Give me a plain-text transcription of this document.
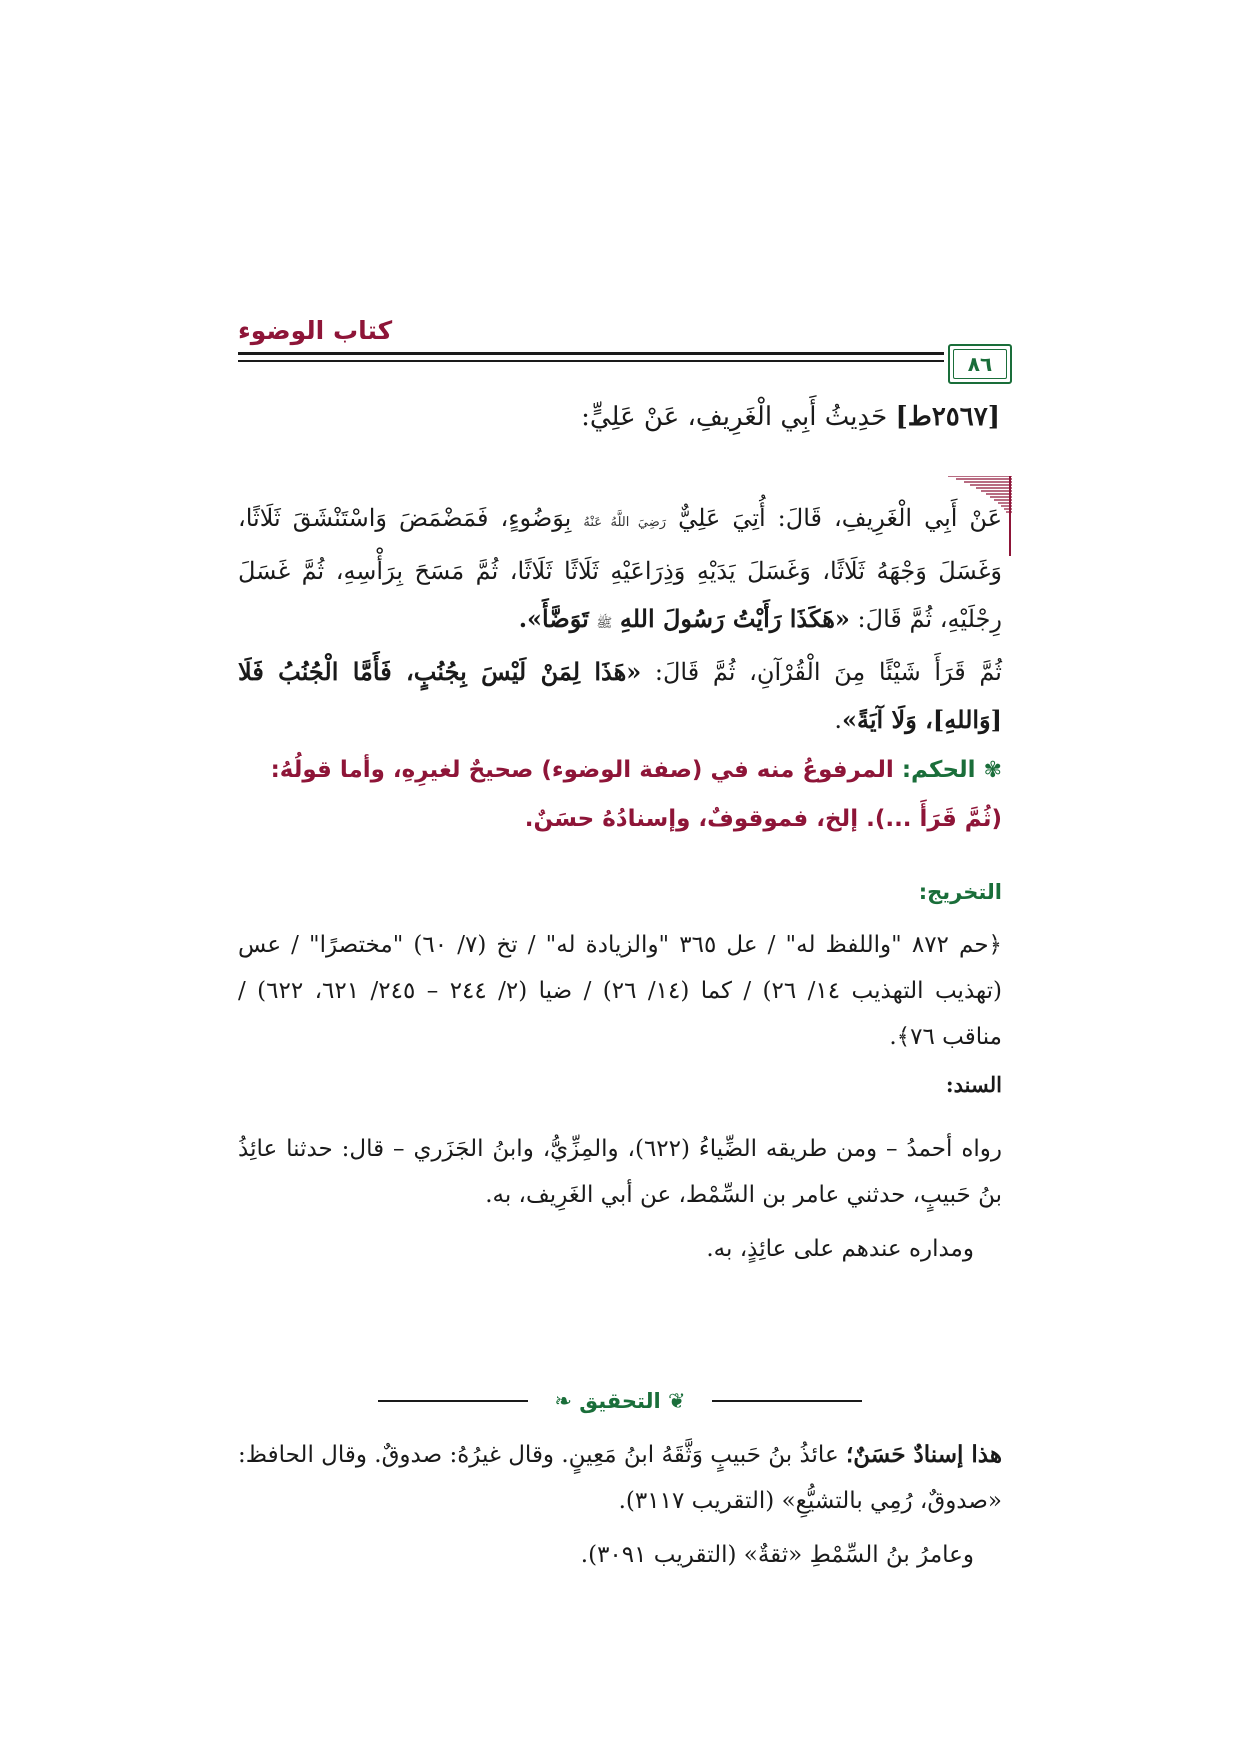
كتاب الوضوء
٨٦
[٢٥٦٧ط] حَدِيثُ أَبِي الْغَرِيفِ، عَنْ عَلِيٍّ:

عَنْ أَبِي الْغَرِيفِ، قَالَ: أُتِيَ عَلِيٌّ رَضِيَ اللَّهُ عَنْهُ بِوَضُوءٍ، فَمَضْمَضَ وَاسْتَنْشَقَ ثَلَاثًا، وَغَسَلَ وَجْهَهُ ثَلَاثًا، وَغَسَلَ يَدَيْهِ وَذِرَاعَيْهِ ثَلَاثًا ثَلَاثًا، ثُمَّ مَسَحَ بِرَأْسِهِ، ثُمَّ غَسَلَ رِجْلَيْهِ، ثُمَّ قَالَ: «هَكَذَا رَأَيْتُ رَسُولَ اللهِ ﷺ تَوَضَّأَ».

ثُمَّ قَرَأَ شَيْئًا مِنَ الْقُرْآنِ، ثُمَّ قَالَ: «هَذَا لِمَنْ لَيْسَ بِجُنُبٍ، فَأَمَّا الْجُنُبُ فَلَا [وَاللهِ]، وَلَا آيَةً».

✾ الحكم: المرفوعُ منه في (صفة الوضوء) صحيحٌ لغيرِهِ، وأما قولُهُ: (ثُمَّ قَرَأَ ...). إلخ، فموقوفٌ، وإسنادُهُ حسَنٌ.

التخريج:

﴿حم ٨٧٢ "واللفظ له" / عل ٣٦٥ "والزيادة له" / تخ (٧/ ٦٠) "مختصرًا" / عس (تهذيب التهذيب ١٤/ ٢٦) / كما (١٤/ ٢٦) / ضيا (٢/ ٢٤٤ – ٢٤٥/ ٦٢١، ٦٢٢) / مناقب ٧٦﴾.

السند:

رواه أحمدُ – ومن طريقه الضِّياءُ (٦٢٢)، والمِزِّيُّ، وابنُ الجَزَري – قال: حدثنا عائِذُ بنُ حَبيبٍ، حدثني عامر بن السِّمْط، عن أبي الغَرِيف، به.

ومداره عندهم على عائِذٍ، به.

❦ التحقيق ❧

هذا إسنادٌ حَسَنٌ؛ عائذُ بنُ حَبيبٍ وَثَّقَهُ ابنُ مَعِينٍ. وقال غيرُهُ: صدوقٌ. وقال الحافظ: «صدوقٌ، رُمِي بالتشيُّعِ» (التقريب ٣١١٧).

وعامرُ بنُ السِّمْطِ «ثقةٌ» (التقريب ٣٠٩١).
